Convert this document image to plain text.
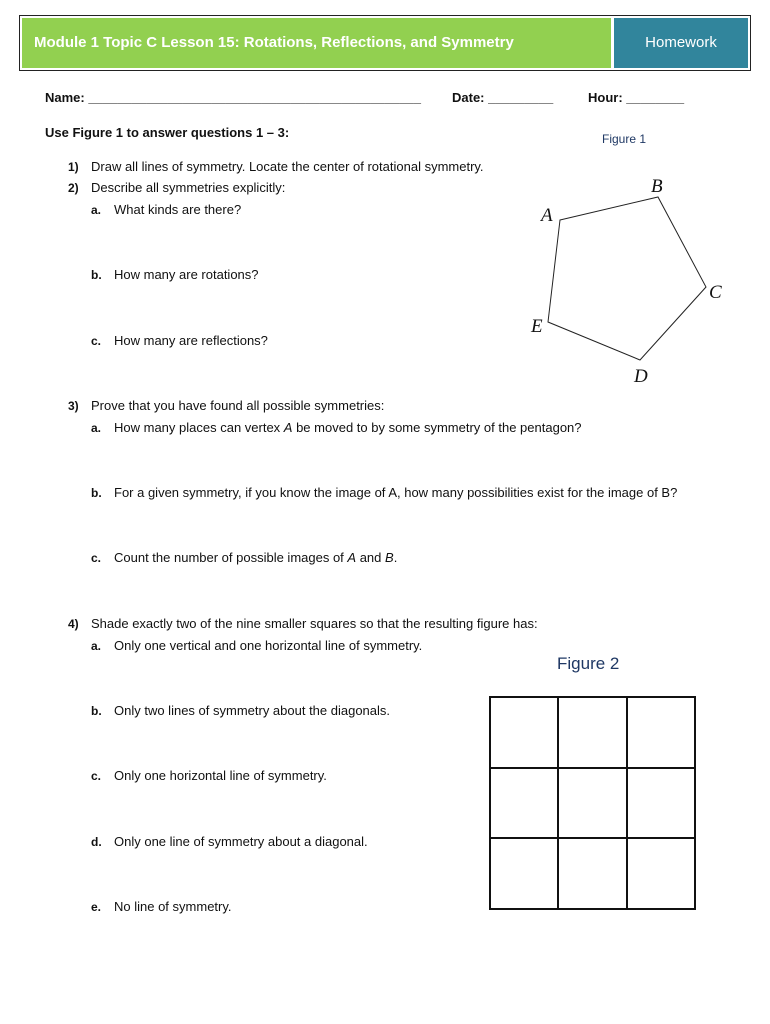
Module 1 Topic C Lesson 15: Rotations, Reflections, and Symmetry	Homework
Name: ______________________________________________ Date: _________	Hour: ________
Use Figure 1 to answer questions 1 – 3:	Figure 1
A
B
C
D
E
1) Draw all lines of symmetry. Locate the center of rotational symmetry.
2) Describe all symmetries explicitly:
a. What kinds are there?
b. How many are rotations?
c. How many are reflections?
3) Prove that you have found all possible symmetries:
a. How many places can vertex A be moved to by some symmetry of the pentagon?
b. For a given symmetry, if you know the image of A, how many possibilities exist for the image of B?
c. Count the number of possible images of A and B.
4) Shade exactly two of the nine smaller squares so that the resulting figure has:
a. Only one vertical and one horizontal line of symmetry.
b. Only two lines of symmetry about the diagonals.
c. Only one horizontal line of symmetry.
d. Only one line of symmetry about a diagonal.
e. No line of symmetry.
Figure 2
